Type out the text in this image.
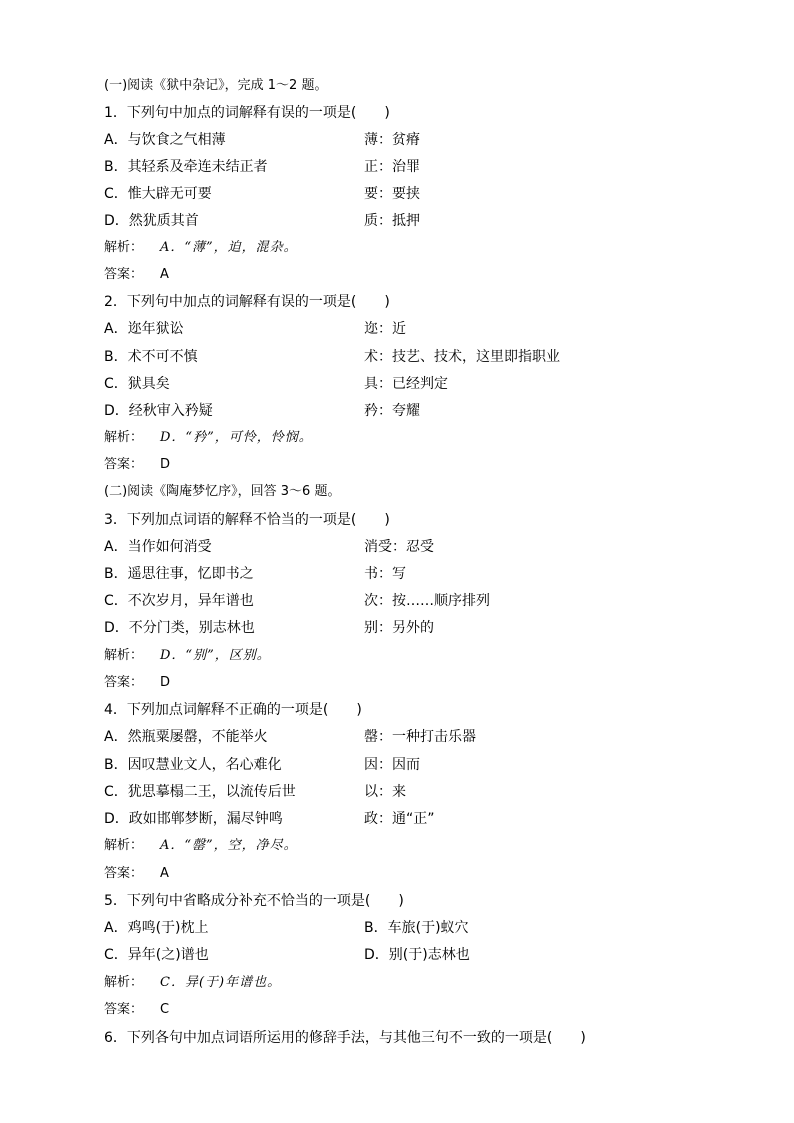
(一)阅读《狱中杂记》，完成 1～2 题。
1．下列句中加点的词解释有误的一项是(　　)
A．与饮食之气相薄	薄：贫瘠
B．其轻系及牵连未结正者	正：治罪
C．惟大辟无可要	要：要挟
D．然犹质其首	质：抵押
解析： A．“薄”，迫，混杂。
答案： A
2．下列句中加点的词解释有误的一项是(　　)
A．迩年狱讼	迩：近
B．术不可不慎	术：技艺、技术，这里即指职业
C．狱具矣	具：已经判定
D．经秋审入矜疑	矜：夸耀
解析： D．“矜”，可怜，怜悯。
答案： D
(二)阅读《陶庵梦忆序》，回答 3～6 题。
3．下列加点词语的解释不恰当的一项是(　　)
A．当作如何消受	消受：忍受
B．遥思往事，忆即书之	书：写
C．不次岁月，异年谱也	次：按……顺序排列
D．不分门类，别志林也	别：另外的
解析： D．“别”，区别。
答案： D
4．下列加点词解释不正确的一项是(　　)
A．然瓶粟屡罄，不能举火	罄：一种打击乐器
B．因叹慧业文人，名心难化	因：因而
C．犹思摹榻二王，以流传后世	以：来
D．政如邯郸梦断，漏尽钟鸣	政：通“正”
解析： A．“罄”，空，净尽。
答案： A
5．下列句中省略成分补充不恰当的一项是(　　)
A．鸡鸣(于)枕上	B．车旅(于)蚁穴
C．异年(之)谱也	D．别(于)志林也
解析： C．异(于)年谱也。
答案： C
6．下列各句中加点词语所运用的修辞手法，与其他三句不一致的一项是(　　)
